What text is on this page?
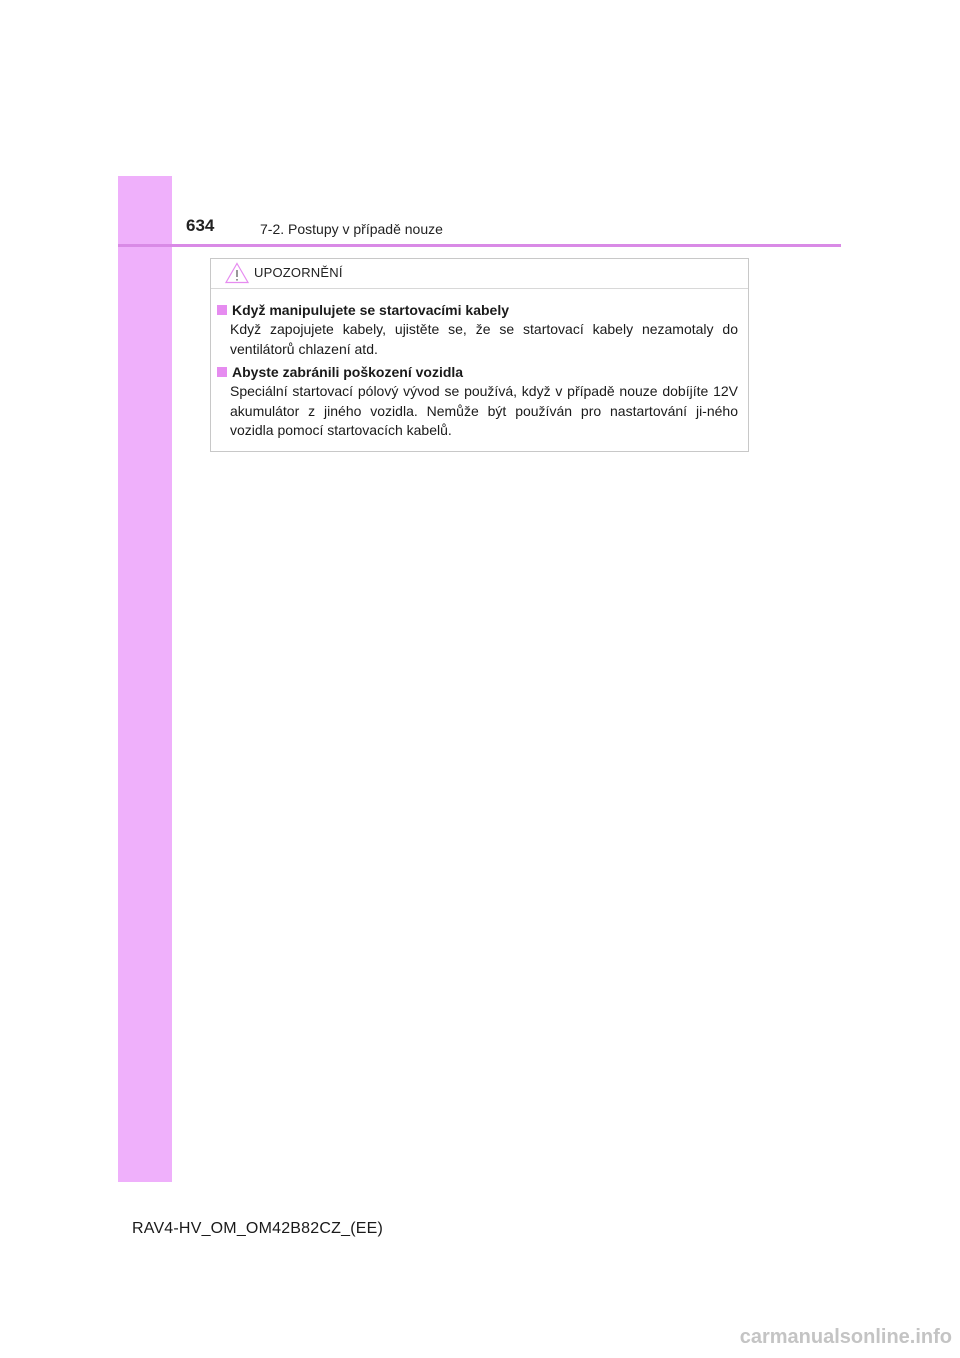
634	7-2. Postupy v případě nouze
UPOZORNĚNÍ
Když manipulujete se startovacími kabely
Když zapojujete kabely, ujistěte se, že se startovací kabely nezamotaly do ventilátorů chlazení atd.
Abyste zabránili poškození vozidla
Speciální startovací pólový vývod se používá, když v případě nouze dobíjíte 12V akumulátor z jiného vozidla. Nemůže být používán pro nastartování ji-ného vozidla pomocí startovacích kabelů.
RAV4-HV_OM_OM42B82CZ_(EE)
carmanualsonline.info
